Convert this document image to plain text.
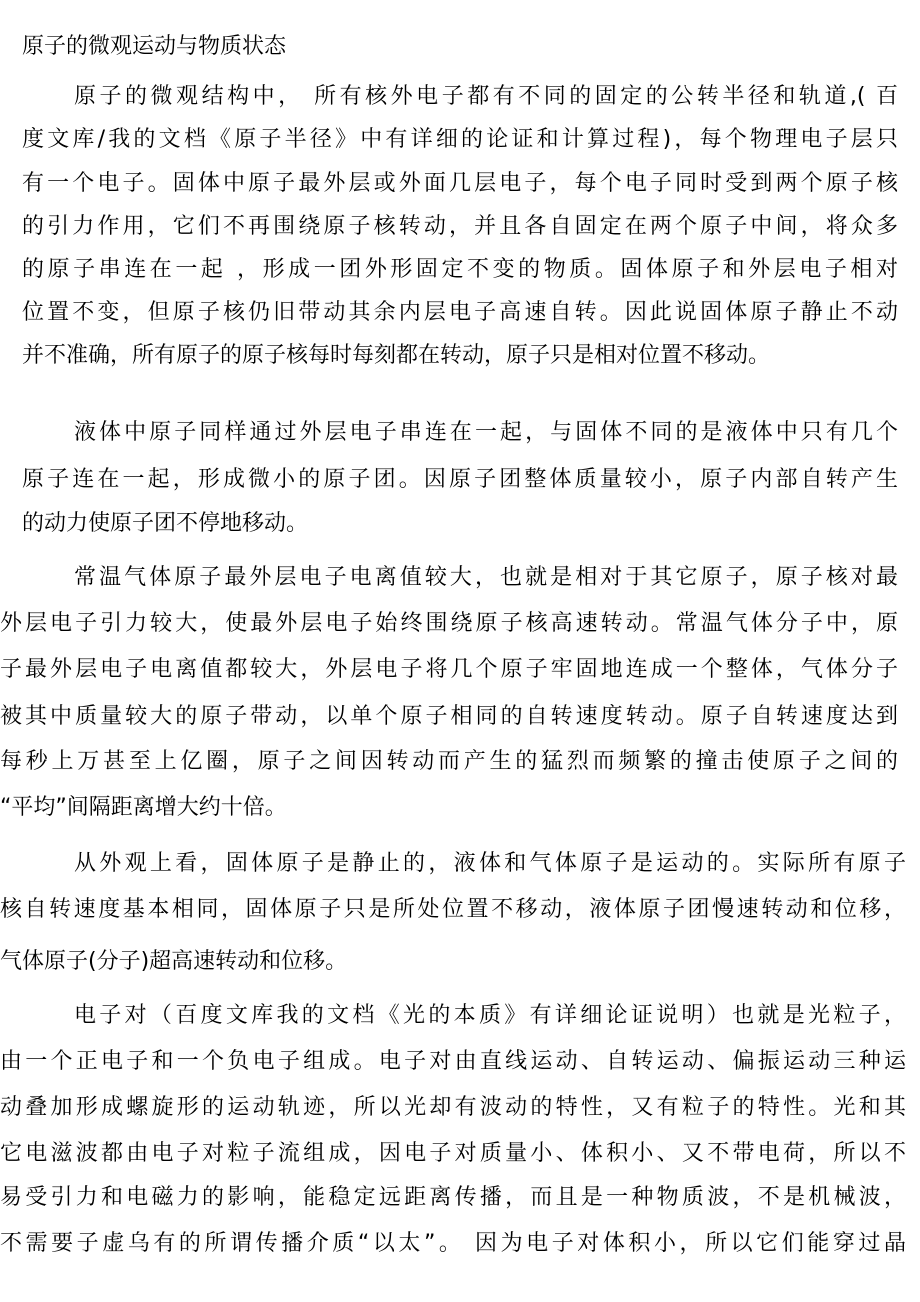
原子的微观运动与物质状态
原子的微观结构中， 所有核外电子都有不同的固定的公转半径和轨道,( 百
度文库/我的文档《原子半径》中有详细的论证和计算过程)，每个物理电子层只
有一个电子。固体中原子最外层或外面几层电子，每个电子同时受到两个原子核
的引力作用，它们不再围绕原子核转动，并且各自固定在两个原子中间，将众多
的原子串连在一起 ，形成一团外形固定不变的物质。固体原子和外层电子相对
位置不变，但原子核仍旧带动其余内层电子高速自转。因此说固体原子静止不动
并不准确，所有原子的原子核每时每刻都在转动，原子只是相对位置不移动。
液体中原子同样通过外层电子串连在一起，与固体不同的是液体中只有几个
原子连在一起，形成微小的原子团。因原子团整体质量较小，原子内部自转产生
的动力使原子团不停地移动。
常温气体原子最外层电子电离值较大，也就是相对于其它原子，原子核对最
外层电子引力较大，使最外层电子始终围绕原子核高速转动。常温气体分子中，原
子最外层电子电离值都较大，外层电子将几个原子牢固地连成一个整体，气体分子
被其中质量较大的原子带动，以单个原子相同的自转速度转动。原子自转速度达到
每秒上万甚至上亿圈，原子之间因转动而产生的猛烈而频繁的撞击使原子之间的
“平均”间隔距离增大约十倍。
从外观上看，固体原子是静止的，液体和气体原子是运动的。实际所有原子
核自转速度基本相同，固体原子只是所处位置不移动，液体原子团慢速转动和位移，
气体原子(分子)超高速转动和位移。
电子对（百度文库我的文档《光的本质》有详细论证说明）也就是光粒子，
由一个正电子和一个负电子组成。电子对由直线运动、自转运动、偏振运动三种运
动叠加形成螺旋形的运动轨迹，所以光却有波动的特性，又有粒子的特性。光和其
它电滋波都由电子对粒子流组成，因电子对质量小、体积小、又不带电荷，所以不
易受引力和电磁力的影响，能稳定远距离传播，而且是一种物质波，不是机械波，
不需要子虚乌有的所谓传播介质“以太”。 因为电子对体积小，所以它们能穿过晶
